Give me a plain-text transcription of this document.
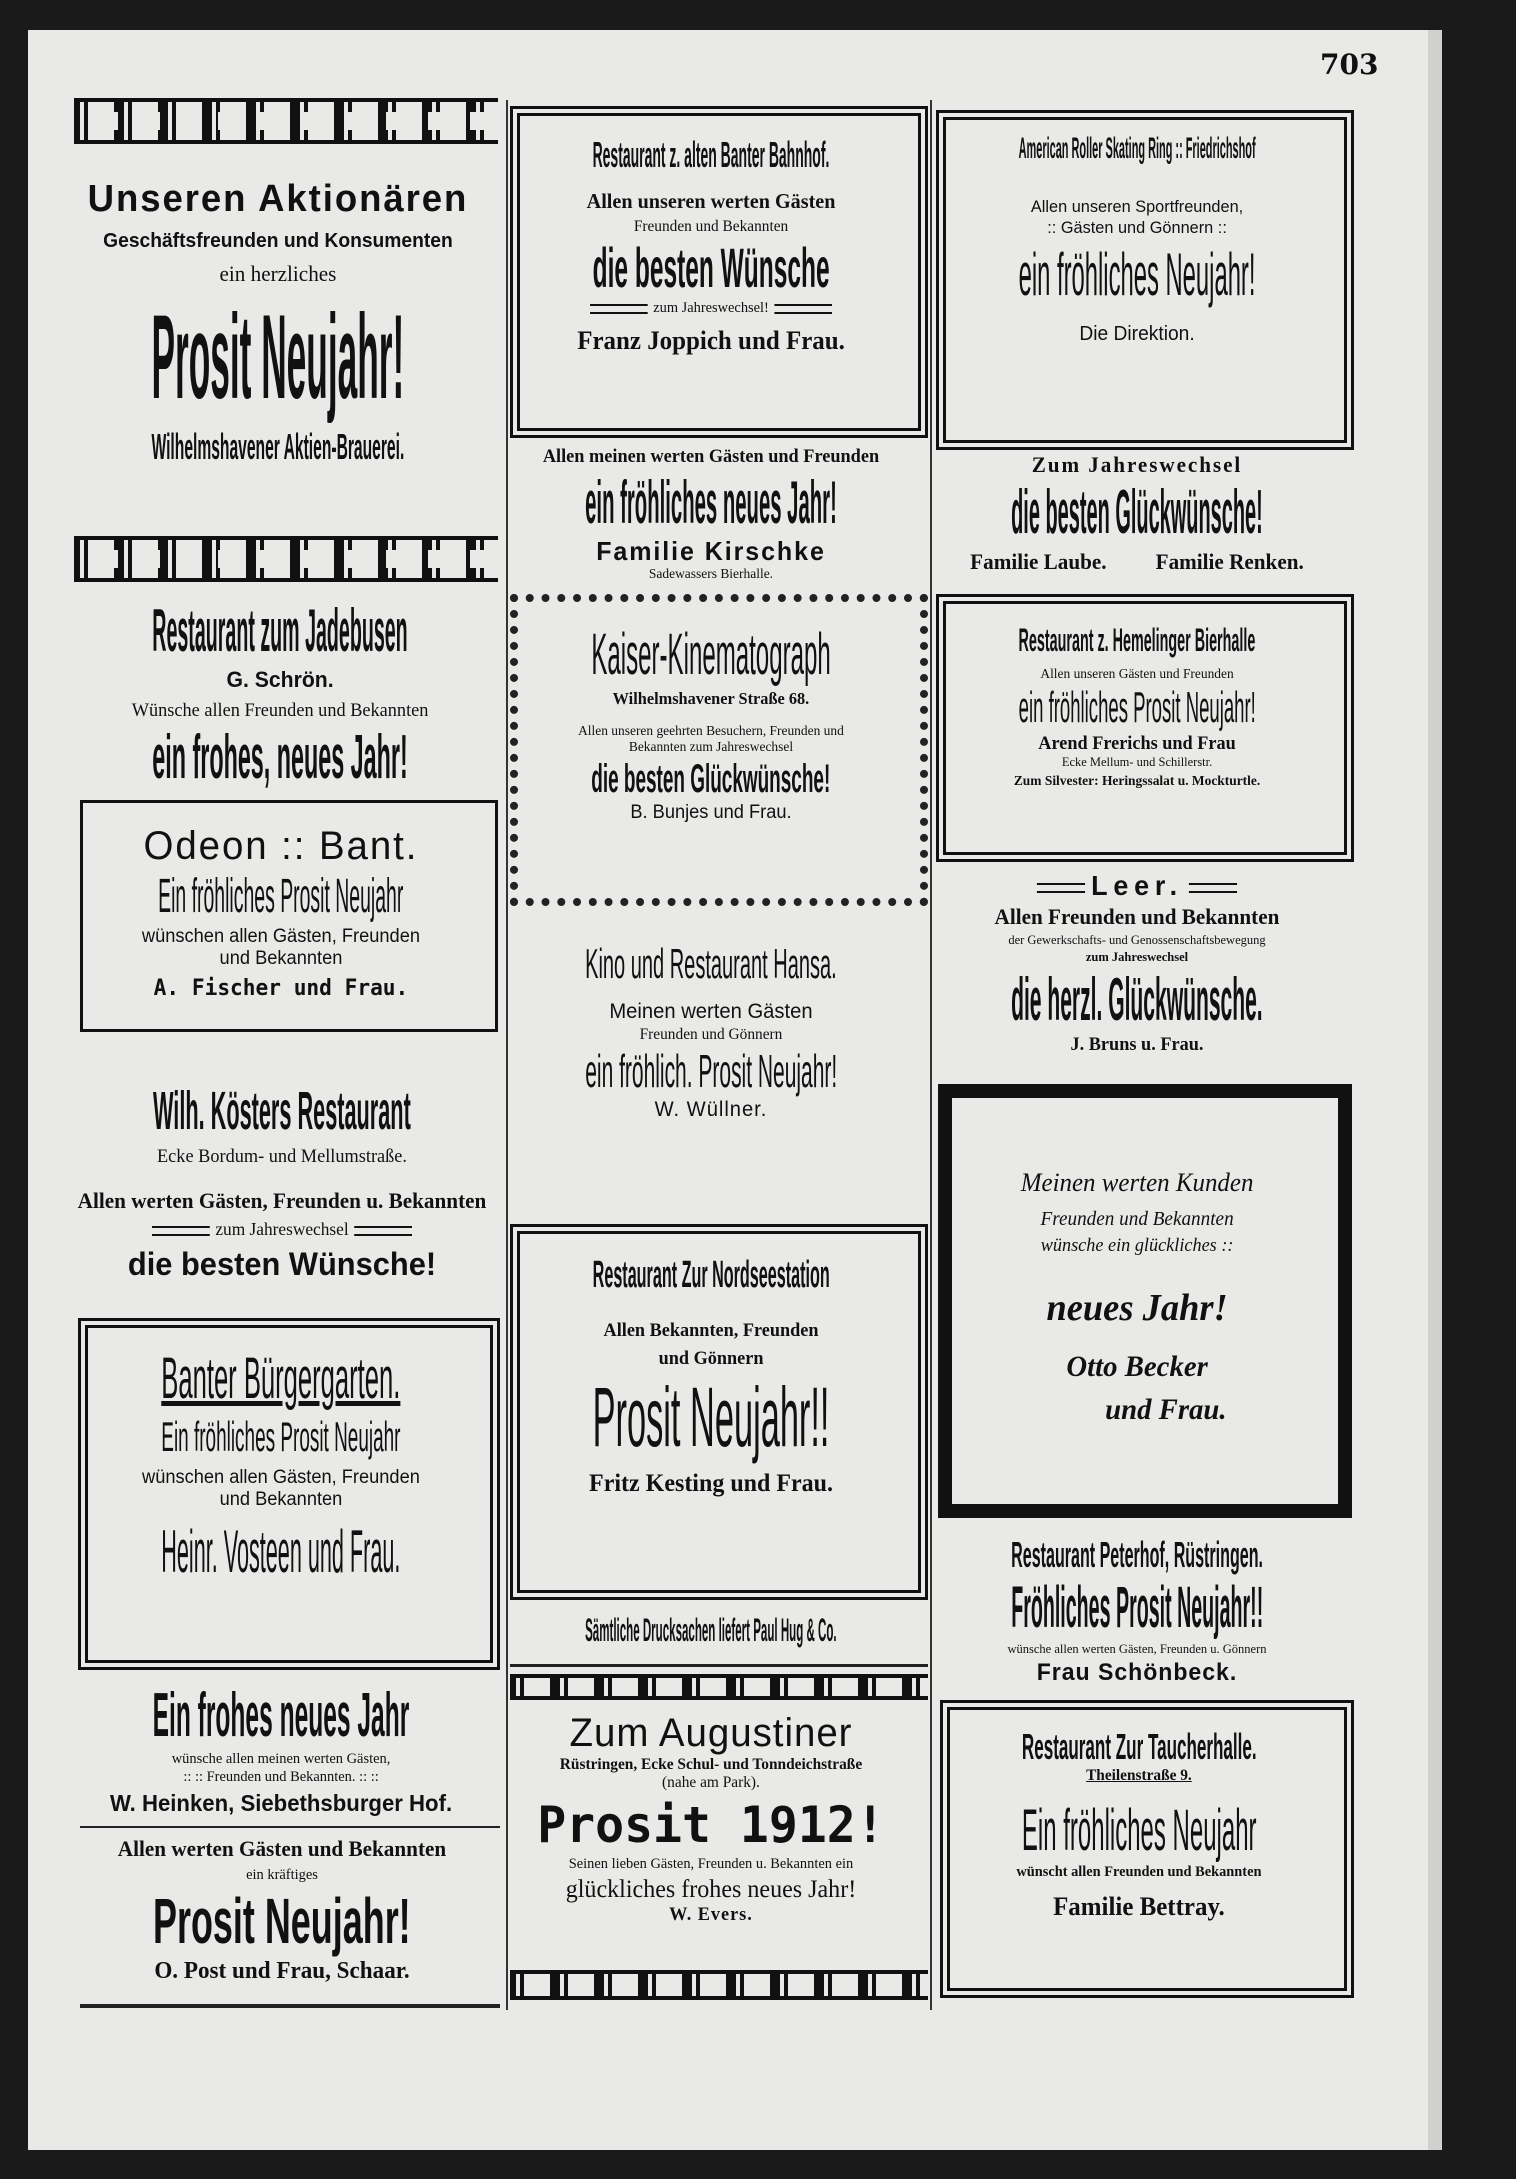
703
Unseren Aktionären
Geschäftsfreunden und Konsumenten
ein herzliches
Prosit Neujahr!
Wilhelmshavener Aktien-Brauerei.
Restaurant zum Jadebusen
G. Schrön.
Wünsche allen Freunden und Bekannten
ein frohes, neues Jahr!
Odeon :: Bant.
Ein fröhliches Prosit Neujahr
wünschen allen Gästen, Freunden
und Bekannten
A. Fischer und Frau.
Wilh. Kösters Restaurant
Ecke Bordum- und Mellumstraße.
Allen werten Gästen, Freunden u. Bekannten
zum Jahreswechsel
die besten Wünsche!
Banter Bürgergarten.
Ein fröhliches Prosit Neujahr
wünschen allen Gästen, Freunden
und Bekannten
Heinr. Vosteen und Frau.
Ein frohes neues Jahr
wünsche allen meinen werten Gästen,
:: :: Freunden und Bekannten. :: ::
W. Heinken, Siebethsburger Hof.
Allen werten Gästen und Bekannten
ein kräftiges
Prosit Neujahr!
O. Post und Frau, Schaar.
Restaurant z. alten Banter Bahnhof.
Allen unseren werten Gästen
Freunden und Bekannten
die besten Wünsche
zum Jahreswechsel!
Franz Joppich und Frau.
Allen meinen werten Gästen und Freunden
ein fröhliches neues Jahr!
Familie Kirschke
Sadewassers Bierhalle.
Kaiser-Kinematograph
Wilhelmshavener Straße 68.
Allen unseren geehrten Besuchern, Freunden und
Bekannten zum Jahreswechsel
die besten Glückwünsche!
B. Bunjes und Frau.
Kino und Restaurant Hansa.
Meinen werten Gästen
Freunden und Gönnern
ein fröhlich. Prosit Neujahr!
W. Wüllner.
Restaurant Zur Nordseestation
Allen Bekannten, Freunden
und Gönnern
Prosit Neujahr!!
Fritz Kesting und Frau.
Sämtliche Drucksachen liefert Paul Hug & Co.
Zum Augustiner
Rüstringen, Ecke Schul- und Tonndeichstraße
(nahe am Park).
Prosit 1912!
Seinen lieben Gästen, Freunden u. Bekannten ein
glückliches frohes neues Jahr!
W. Evers.
American Roller Skating Ring :: Friedrichshof
Allen unseren Sportfreunden,
:: Gästen und Gönnern ::
ein fröhliches Neujahr!
Die Direktion.
Zum Jahreswechsel
die besten Glückwünsche!
Familie Laube. Familie Renken.
Restaurant z. Hemelinger Bierhalle
Allen unseren Gästen und Freunden
ein fröhliches Prosit Neujahr!
Arend Frerichs und Frau
Ecke Mellum- und Schillerstr.
Zum Silvester: Heringssalat u. Mockturtle.
Leer.
Allen Freunden und Bekannten
der Gewerkschafts- und Genossenschaftsbewegung
zum Jahreswechsel
die herzl. Glückwünsche.
J. Bruns u. Frau.
Meinen werten Kunden
Freunden und Bekannten
wünsche ein glückliches ::
neues Jahr!
Otto Becker
und Frau.
Restaurant Peterhof, Rüstringen.
Fröhliches Prosit Neujahr!!
wünsche allen werten Gästen, Freunden u. Gönnern
Frau Schönbeck.
Restaurant Zur Taucherhalle.
Theilenstraße 9.
Ein fröhliches Neujahr
wünscht allen Freunden und Bekannten
Familie Bettray.
